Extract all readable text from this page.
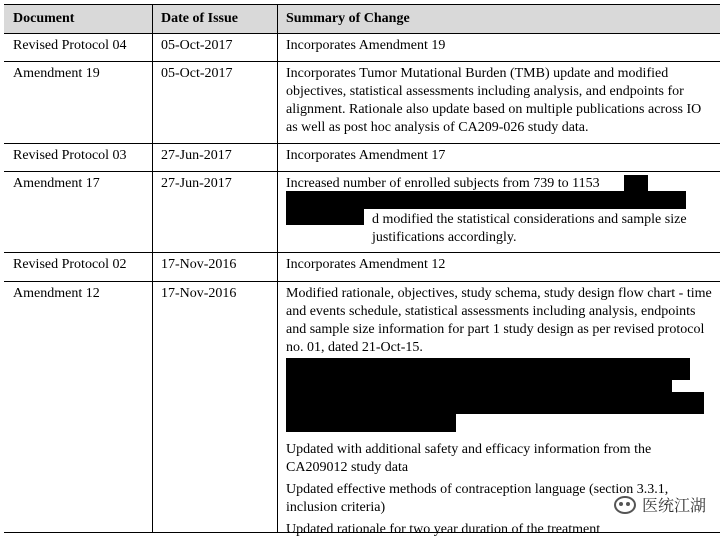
Document	Date of Issue	Summary of Change
Revised Protocol 04	05-Oct-2017	Incorporates Amendment 19

Amendment 19	05-Oct-2017	Incorporates Tumor Mutational Burden (TMB) update and modified objectives, statistical assessments including analysis, and endpoints for alignment. Rationale also update based on multiple publications across IO as well as post hoc analysis of CA209-026 study data.

Revised Protocol 03	27-Jun-2017	Incorporates Amendment 17

Amendment 17	27-Jun-2017	Increased number of enrolled subjects from 739 to 1153

d modified the statistical considerations and sample size justifications accordingly.

Revised Protocol 02	17-Nov-2016	Incorporates Amendment 12

Amendment 12	17-Nov-2016	Modified rationale, objectives, study schema, study design flow chart - time and events schedule, statistical assessments including analysis, endpoints and sample size information for part 1 study design as per revised protocol no. 01, dated 21-Oct-15.

Updated with additional safety and efficacy information from the CA209012 study data

Updated effective methods of contraception language (section 3.3.1, inclusion criteria)

Updated rationale for two year duration of the treatment

医统江湖
